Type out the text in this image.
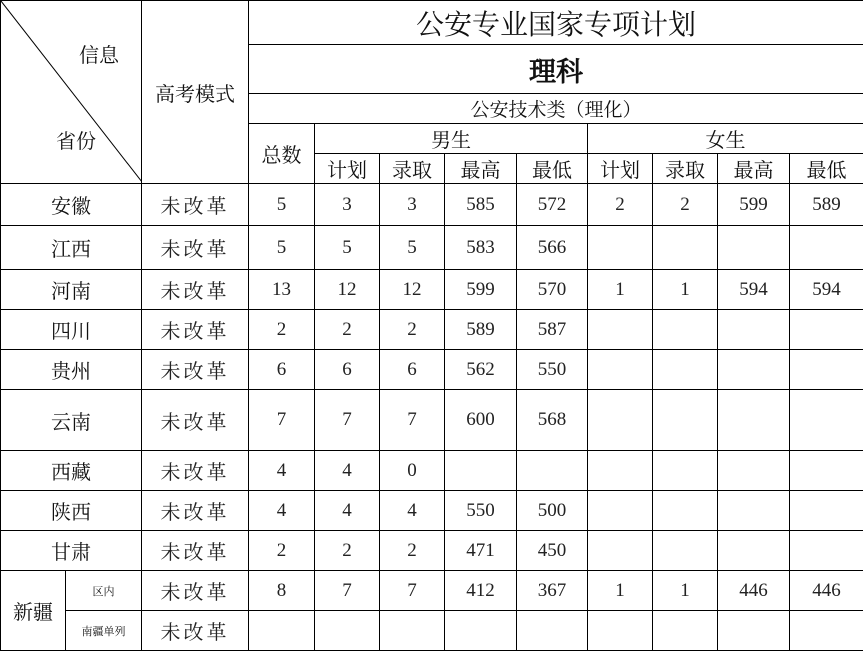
信息
省份		高考模式	公安专业国家专项计划								
			理科								
			公安技术类（理化）								
			总数	男生				女生			
				计划	录取	最高	最低	计划	录取	最高	最低

安徽		未改革	5	3	3	585	572	2	2	599	589
江西		未改革	5	5	5	583	566				
河南		未改革	13	12	12	599	570	1	1	594	594
四川		未改革	2	2	2	589	587				
贵州		未改革	6	6	6	562	550				
云南		未改革	7	7	7	600	568				
西藏		未改革	4	4	0						
陕西		未改革	4	4	4	550	500				
甘肃		未改革	2	2	2	471	450				
新疆	区内	未改革	8	7	7	412	367	1	1	446	446
	南疆单列	未改革									
